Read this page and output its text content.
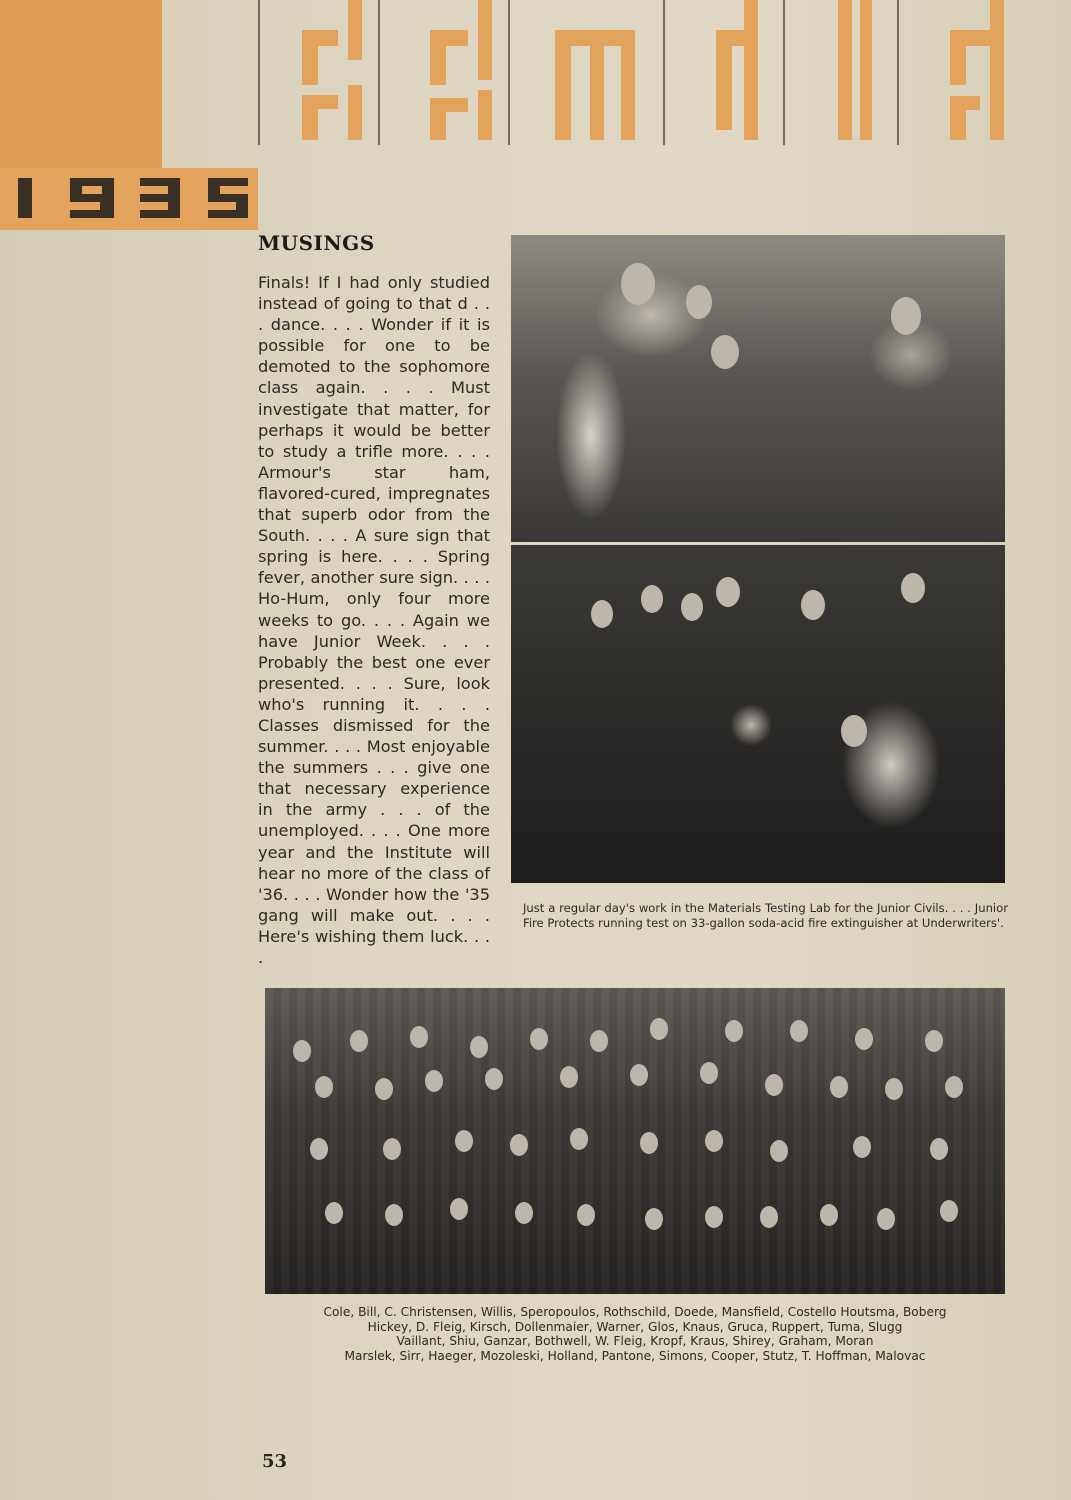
MUSINGS

Finals! If I had only studied instead of going to that d . . . dance. . . . Wonder if it is possible for one to be demoted to the sophomore class again. . . . Must investigate that matter, for perhaps it would be better to study a trifle more. . . . Armour's star ham, flavored-cured, impregnates that superb odor from the South. . . . A sure sign that spring is here. . . . Spring fever, another sure sign. . . . Ho-Hum, only four more weeks to go. . . . Again we have Junior Week. . . . Probably the best one ever presented. . . . Sure, look who's running it. . . . Classes dismissed for the summer. . . . Most enjoyable the summers . . . give one that necessary experience in the army . . . of the unemployed. . . . One more year and the Institute will hear no more of the class of '36. . . . Wonder how the '35 gang will make out. . . . Here's wishing them luck. . . .

Just a regular day's work in the Materials Testing Lab for the Junior Civils. . . . Junior Fire Protects running test on 33-gallon soda-acid fire extinguisher at Underwriters'.

Cole, Bill, C. Christensen, Willis, Speropoulos, Rothschild, Doede, Mansfield, Costello Houtsma, Boberg
Hickey, D. Fleig, Kirsch, Dollenmaier, Warner, Glos, Knaus, Gruca, Ruppert, Tuma, Slugg
Vaillant, Shiu, Ganzar, Bothwell, W. Fleig, Kropf, Kraus, Shirey, Graham, Moran
Marslek, Sirr, Haeger, Mozoleski, Holland, Pantone, Simons, Cooper, Stutz, T. Hoffman, Malovac
53
